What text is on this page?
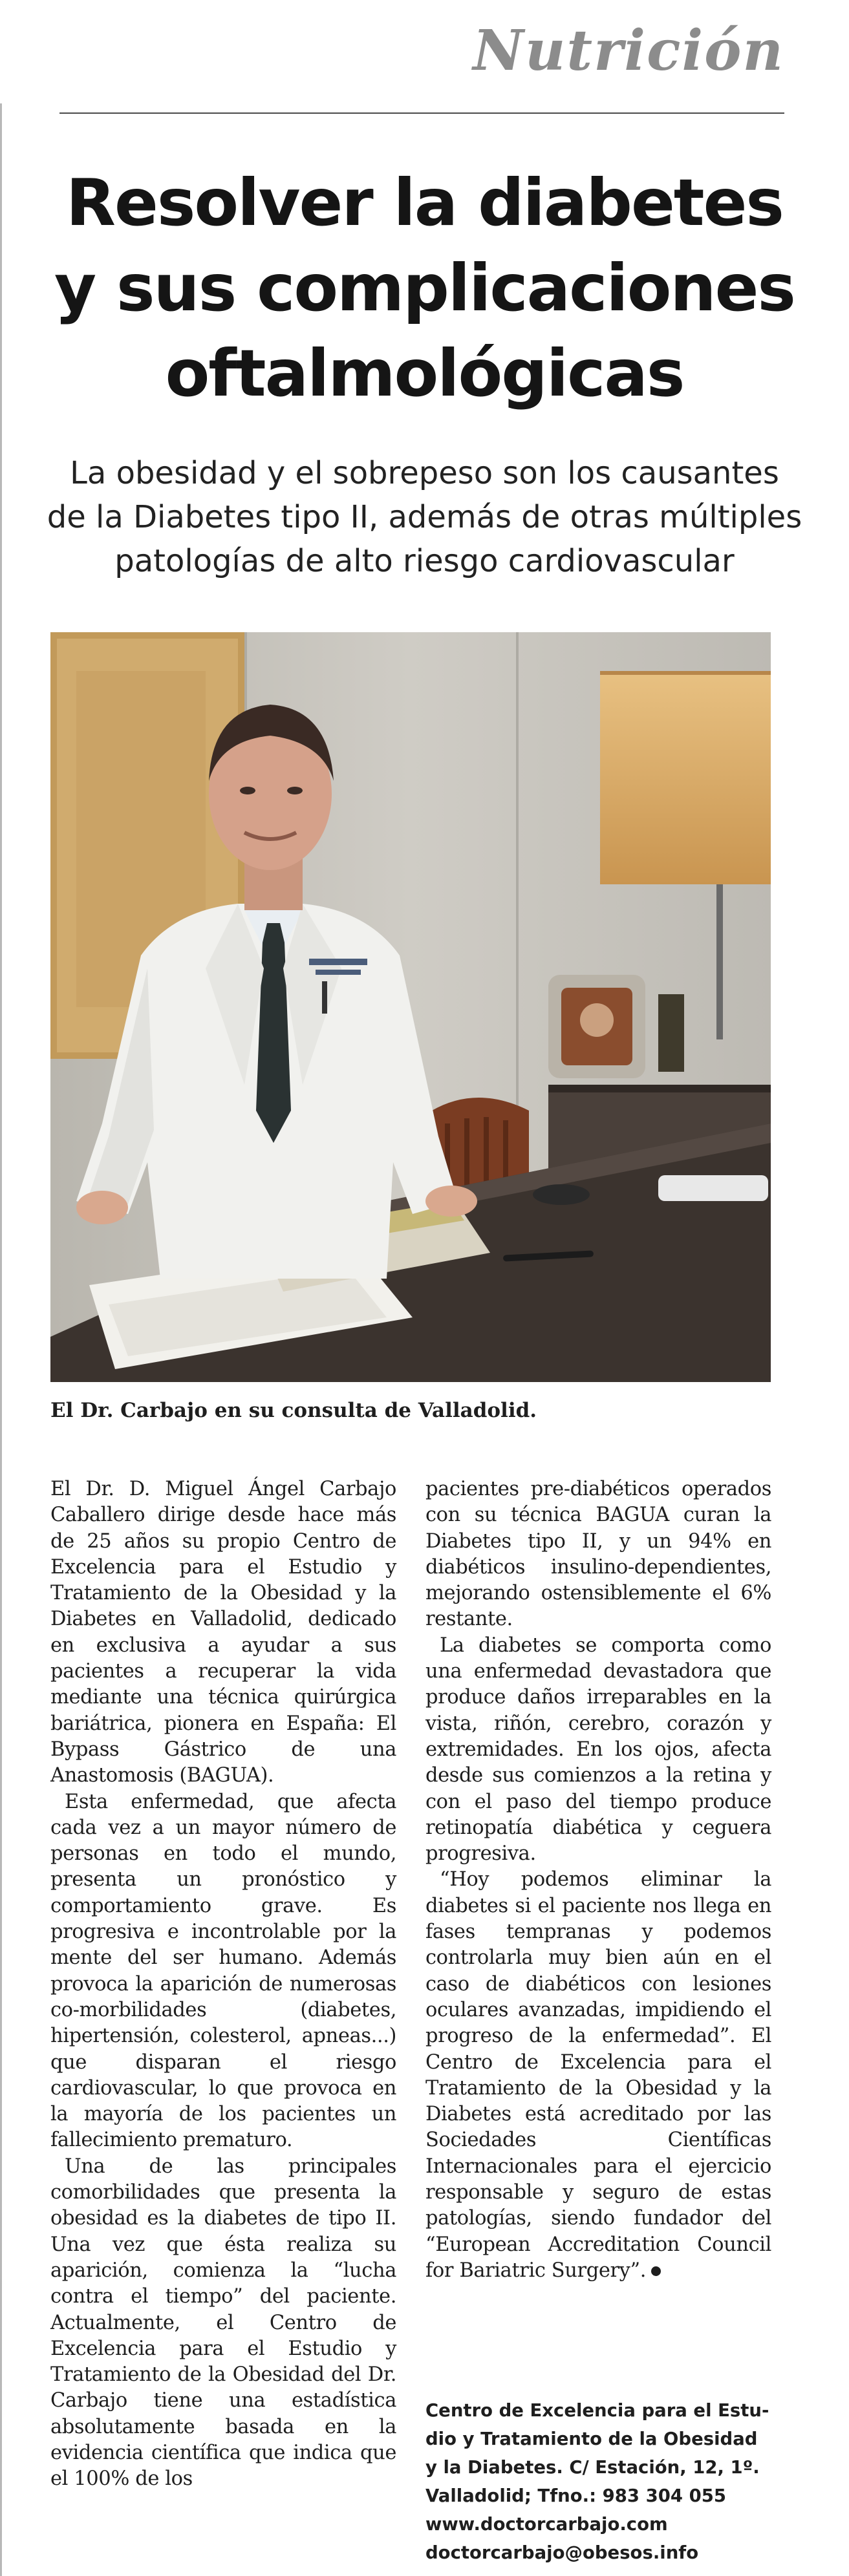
Nutrición
Resolver la diabetes
y sus complicaciones
oftalmológicas

La obesidad y el sobrepeso son los causantes
de la Diabetes tipo II, además de otras múltiples
patologías de alto riesgo cardiovascular

El Dr. Carbajo en su consulta de Valladolid.

El Dr. D. Miguel Ángel Carbajo Caballero dirige desde hace más de 25 años su propio Centro de Excelencia para el Estudio y Tratamiento de la Obesidad y la Diabetes en Valladolid, dedicado en exclusiva a ayudar a sus pacientes a recuperar la vida mediante una técnica quirúrgica bariátrica, pionera en España: El Bypass Gástrico de una Anastomosis (BAGUA).

Esta enfermedad, que afecta cada vez a un mayor número de personas en todo el mundo, presenta un pronóstico y comportamiento grave. Es progresiva e incontrolable por la mente del ser humano. Además provoca la aparición de numerosas co-morbilidades (diabetes, hipertensión, colesterol, apneas...) que disparan el riesgo cardiovascular, lo que provoca en la mayoría de los pacientes un fallecimiento prematuro.

Una de las principales comorbilidades que presenta la obesidad es la diabetes de tipo II. Una vez que ésta realiza su aparición, comienza la “lucha contra el tiempo” del paciente. Actualmente, el Centro de Excelencia para el Estudio y Tratamiento de la Obesidad del Dr. Carbajo tiene una estadística absolutamente basada en la evidencia científica que indica que el 100% de los

pacientes pre-diabéticos operados con su técnica BAGUA curan la Diabetes tipo II, y un 94% en diabéticos insulino-dependientes, mejorando ostensiblemente el 6% restante.

La diabetes se comporta como una enfermedad devastadora que produce daños irreparables en la vista, riñón, cerebro, corazón y extremidades. En los ojos, afecta desde sus comienzos a la retina y con el paso del tiempo produce retinopatía diabética y ceguera progresiva.

“Hoy podemos eliminar la diabetes si el paciente nos llega en fases tempranas y podemos controlarla muy bien aún en el caso de diabéticos con lesiones oculares avanzadas, impidiendo el progreso de la enfermedad”. El Centro de Excelencia para el Tratamiento de la Obesidad y la Diabetes está acreditado por las Sociedades Científicas Internacionales para el ejercicio responsable y seguro de estas patologías, siendo fundador del “European Accreditation Council for Bariatric Surgery”.

Centro de Excelencia para el Estu-
dio y Tratamiento de la Obesidad
y la Diabetes. C/ Estación, 12, 1º.
Valladolid; Tfno.: 983 304 055
www.doctorcarbajo.com
doctorcarbajo@obesos.info
